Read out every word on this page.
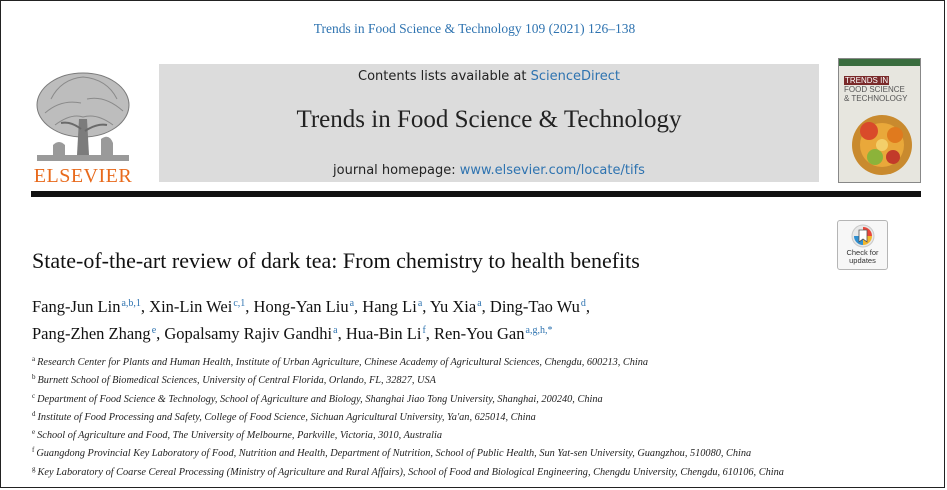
Trends in Food Science & Technology 109 (2021) 126–138
ELSEVIER
Contents lists available at ScienceDirect
Trends in Food Science & Technology
journal homepage: www.elsevier.com/locate/tifs
TRENDS IN
FOOD SCIENCE
& TECHNOLOGY
Check for
updates
State-of-the-art review of dark tea: From chemistry to health benefits
Fang-Jun Lin$^{a,b,1}$, Xin-Lin Wei$^{c,1}$, Hong-Yan Liu$^a$, Hang Li$^a$, Yu Xia$^a$, Ding-Tao Wu$^d$,
Pang-Zhen Zhang$^e$, Gopalsamy Rajiv Gandhi$^a$, Hua-Bin Li$^f$, Ren-You Gan$^{a,g,h,*}$
$^a$ Research Center for Plants and Human Health, Institute of Urban Agriculture, Chinese Academy of Agricultural Sciences, Chengdu, 600213, China
$^b$ Burnett School of Biomedical Sciences, University of Central Florida, Orlando, FL, 32827, USA
$^c$ Department of Food Science & Technology, School of Agriculture and Biology, Shanghai Jiao Tong University, Shanghai, 200240, China
$^d$ Institute of Food Processing and Safety, College of Food Science, Sichuan Agricultural University, Ya'an, 625014, China
$^e$ School of Agriculture and Food, The University of Melbourne, Parkville, Victoria, 3010, Australia
$^f$ Guangdong Provincial Key Laboratory of Food, Nutrition and Health, Department of Nutrition, School of Public Health, Sun Yat-sen University, Guangzhou, 510080, China
$^g$ Key Laboratory of Coarse Cereal Processing (Ministry of Agriculture and Rural Affairs), School of Food and Biological Engineering, Chengdu University, Chengdu, 610106, China
